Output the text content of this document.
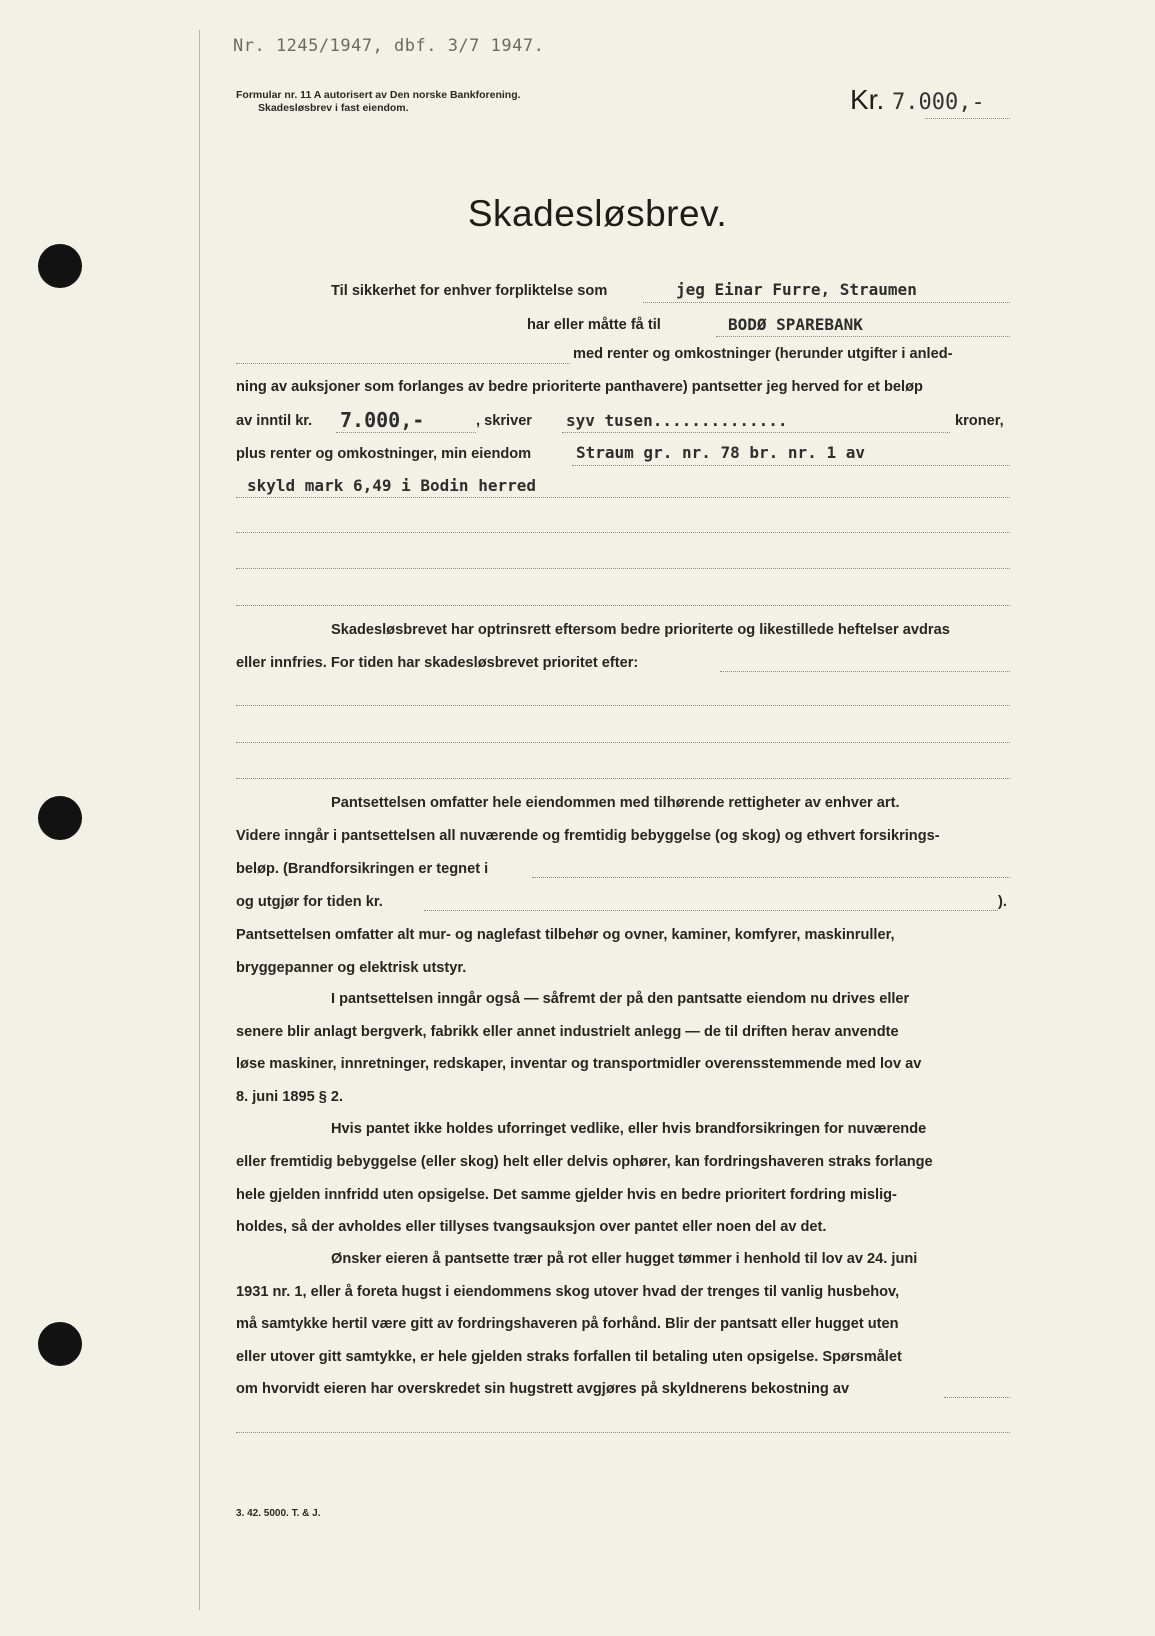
Nr. 1245/1947, dbf. 3/7 1947.
Formular nr. 11 A autorisert av Den norske Bankforening.
Skadesløsbrev i fast eiendom.	Kr. 7.000,-
Skadesløsbrev.
Til sikkerhet for enhver forpliktelse som	jeg Einar Furre, Straumen
har eller måtte få til	BODØ SPAREBANK
med renter og omkostninger (herunder utgifter i anled-
ning av auksjoner som forlanges av bedre prioriterte panthavere) pantsetter jeg herved for et beløp
av inntil kr. 7.000,-	, skriver syv tusen..............	kroner,
plus renter og omkostninger, min eiendom	Straum gr. nr. 78 br. nr. 1 av
skyld mark 6,49 i Bodin herred
Skadesløsbrevet har optrinsrett eftersom bedre prioriterte og likestillede heftelser avdras
eller innfries. For tiden har skadesløsbrevet prioritet efter:
Pantsettelsen omfatter hele eiendommen med tilhørende rettigheter av enhver art.
Videre inngår i pantsettelsen all nuværende og fremtidig bebyggelse (og skog) og ethvert forsikrings-
beløp. (Brandforsikringen er tegnet i
og utgjør for tiden kr.	).
Pantsettelsen omfatter alt mur- og naglefast tilbehør og ovner, kaminer, komfyrer, maskinruller,
bryggepanner og elektrisk utstyr.
I pantsettelsen inngår også — såfremt der på den pantsatte eiendom nu drives eller
senere blir anlagt bergverk, fabrikk eller annet industrielt anlegg — de til driften herav anvendte
løse maskiner, innretninger, redskaper, inventar og transportmidler overensstemmende med lov av
8. juni 1895 § 2.
Hvis pantet ikke holdes uforringet vedlike, eller hvis brandforsikringen for nuværende
eller fremtidig bebyggelse (eller skog) helt eller delvis ophører, kan fordringshaveren straks forlange
hele gjelden innfridd uten opsigelse. Det samme gjelder hvis en bedre prioritert fordring mislig-
holdes, så der avholdes eller tillyses tvangsauksjon over pantet eller noen del av det.
Ønsker eieren å pantsette trær på rot eller hugget tømmer i henhold til lov av 24. juni
1931 nr. 1, eller å foreta hugst i eiendommens skog utover hvad der trenges til vanlig husbehov,
må samtykke hertil være gitt av fordringshaveren på forhånd. Blir der pantsatt eller hugget uten
eller utover gitt samtykke, er hele gjelden straks forfallen til betaling uten opsigelse. Spørsmålet
om hvorvidt eieren har overskredet sin hugstrett avgjøres på skyldnerens bekostning av
3. 42. 5000. T. & J.
